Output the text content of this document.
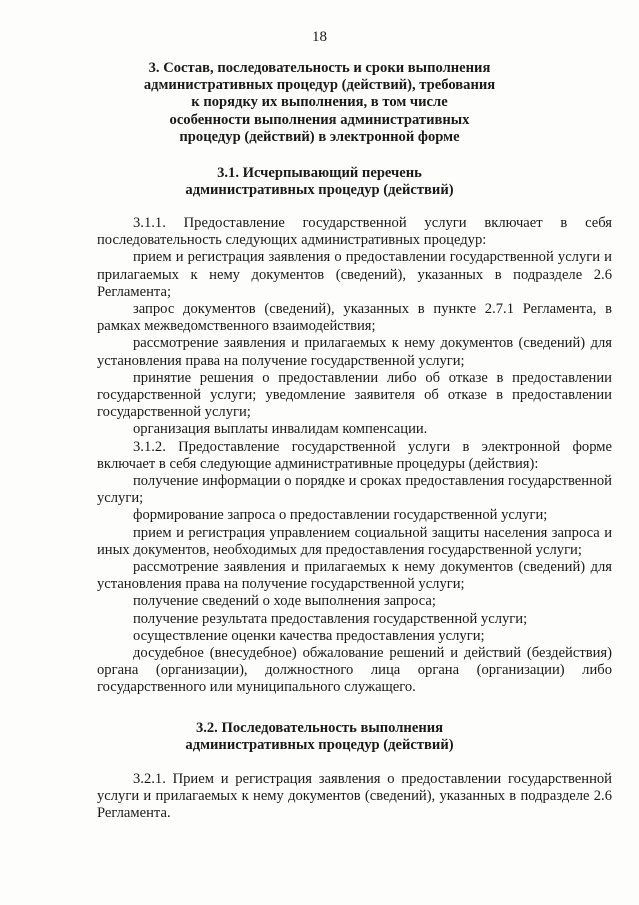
18
3. Состав, последовательность и сроки выполнения
административных процедур (действий), требования
к порядку их выполнения, в том числе
особенности выполнения административных
процедур (действий) в электронной форме
3.1. Исчерпывающий перечень
административных процедур (действий)

3.1.1. Предоставление государственной услуги включает в себя последовательность следующих административных процедур:

прием и регистрация заявления о предоставлении государственной услуги и прилагаемых к нему документов (сведений), указанных в подразделе 2.6 Регламента;

запрос документов (сведений), указанных в пункте 2.7.1 Регламента, в рамках межведомственного взаимодействия;

рассмотрение заявления и прилагаемых к нему документов (сведений) для установления права на получение государственной услуги;

принятие решения о предоставлении либо об отказе в предоставлении государственной услуги; уведомление заявителя об отказе в предоставлении государственной услуги;

организация выплаты инвалидам компенсации.

3.1.2. Предоставление государственной услуги в электронной форме включает в себя следующие административные процедуры (действия):

получение информации о порядке и сроках предоставления государственной услуги;

формирование запроса о предоставлении государственной услуги;

прием и регистрация управлением социальной защиты населения запроса и иных документов, необходимых для предоставления государственной услуги;

рассмотрение заявления и прилагаемых к нему документов (сведений) для установления права на получение государственной услуги;

получение сведений о ходе выполнения запроса;

получение результата предоставления государственной услуги;

осуществление оценки качества предоставления услуги;

досудебное (внесудебное) обжалование решений и действий (бездействия) органа (организации), должностного лица органа (организации) либо государственного или муниципального служащего.

3.2. Последовательность выполнения
административных процедур (действий)

3.2.1. Прием и регистрация заявления о предоставлении государственной услуги и прилагаемых к нему документов (сведений), указанных в подразделе 2.6 Регламента.
